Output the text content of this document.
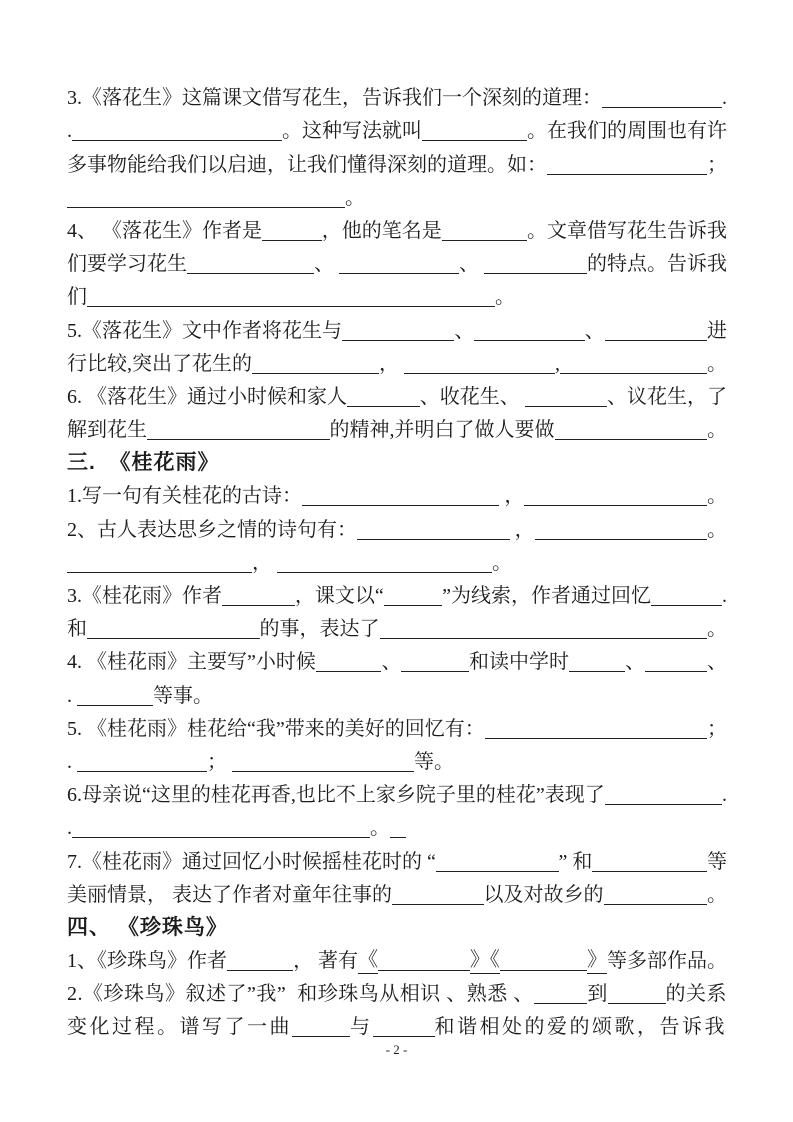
3.《落花生》这篇课文借写花生，告诉我们一个深刻的道理：	.
.	。这种写法就叫	。在我们的周围也有许
多事物能给我们以启迪，让我们懂得深刻的道理。如：	；
。
4、 《落花生》作者是	，他的笔名是	。文章借写花生告诉我
们要学习花生	、	、	的特点。告诉我
们	。
5.《落花生》文中作者将花生与	、	、	进
行比较,突出了花生的	，	,	。
6. 《落花生》通过小时候和家人	、收花生、	、议花生，了
解到花生	的精神,并明白了做人要做	。
三.  《桂花雨》
1.写一句有关桂花的古诗：	，	。
2、古人表达思乡之情的诗句有：	，	。
，	。
3.《桂花雨》作者	，课文以“	”为线索，作者通过回忆	.
和	的事，表达了	。
4. 《桂花雨》主要写”小时候	、	和读中学时	、	、
.	等事。
5. 《桂花雨》桂花给“我”带来的美好的回忆有：	；
.	；	等。
6.母亲说“这里的桂花再香,也比不上家乡院子里的桂花”表现了	.
.	。
7.《桂花雨》通过回忆小时候摇桂花时的 “	” 和	等
美丽情景， 表达了作者对童年往事的	以及对故乡的	。
四、 《珍珠鸟》
1、《珍珠鸟》作者	， 著有 《	》《	》 等多部作品。
2.《珍珠鸟》叙述了”我”  和珍珠鸟从相识 、熟悉 、	到	的关系
变化过程。谱写了一曲	与	和谐相处的爱的颂歌，告诉我
- 2 -
